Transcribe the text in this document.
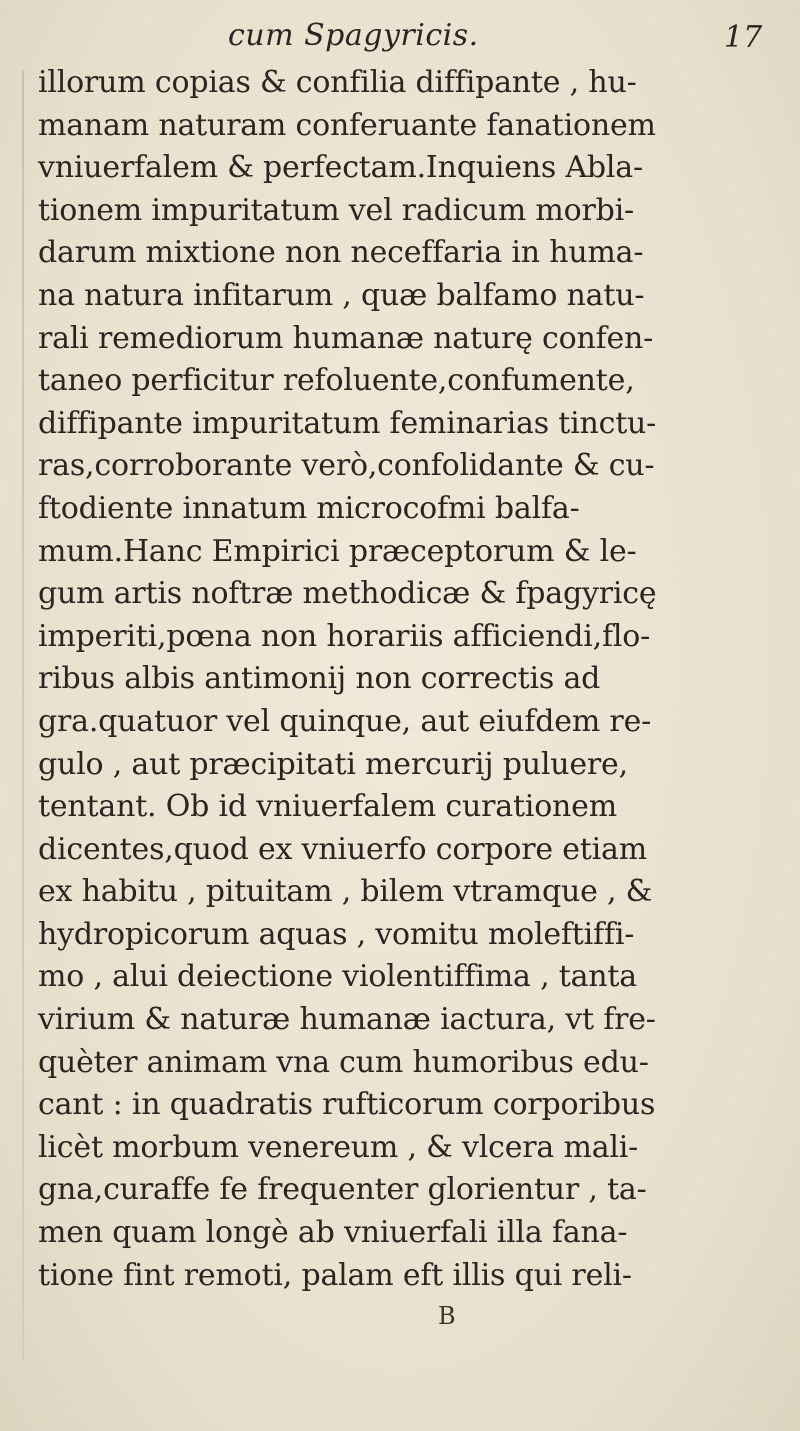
cum Spagyricis.	17
illorum copias & confilia diffipante , hu-
manam naturam conferuante fanationem
vniuerfalem & perfectam.Inquiens Abla-
tionem impuritatum vel radicum morbi-
darum mixtione non neceffaria in huma-
na natura infitarum , quæ balfamo natu-
rali remediorum humanæ naturę confen-
taneo perficitur refoluente,confumente,
diffipante impuritatum feminarias tinctu-
ras,corroborante verò,confolidante & cu-
ftodiente innatum microcofmi balfa-
mum.Hanc Empirici præceptorum & le-
gum artis noftræ methodicæ & fpagyricę
imperiti,pœna non horariis afficiendi,flo-
ribus albis antimonij non correctis ad
gra.quatuor vel quinque, aut eiufdem re-
gulo , aut præcipitati mercurij puluere,
tentant. Ob id vniuerfalem curationem
dicentes,quod ex vniuerfo corpore etiam
ex habitu , pituitam , bilem vtramque , &
hydropicorum aquas , vomitu moleftiffi-
mo , alui deiectione violentiffima , tanta
virium & naturæ humanæ iactura, vt fre-
quèter animam vna cum humoribus edu-
cant : in quadratis rufticorum corporibus
licèt morbum venereum , & vlcera mali-
gna,curaffe fe frequenter glorientur , ta-
men quam longè ab vniuerfali illa fana-
tione fint remoti, palam eft illis qui reli-
B
